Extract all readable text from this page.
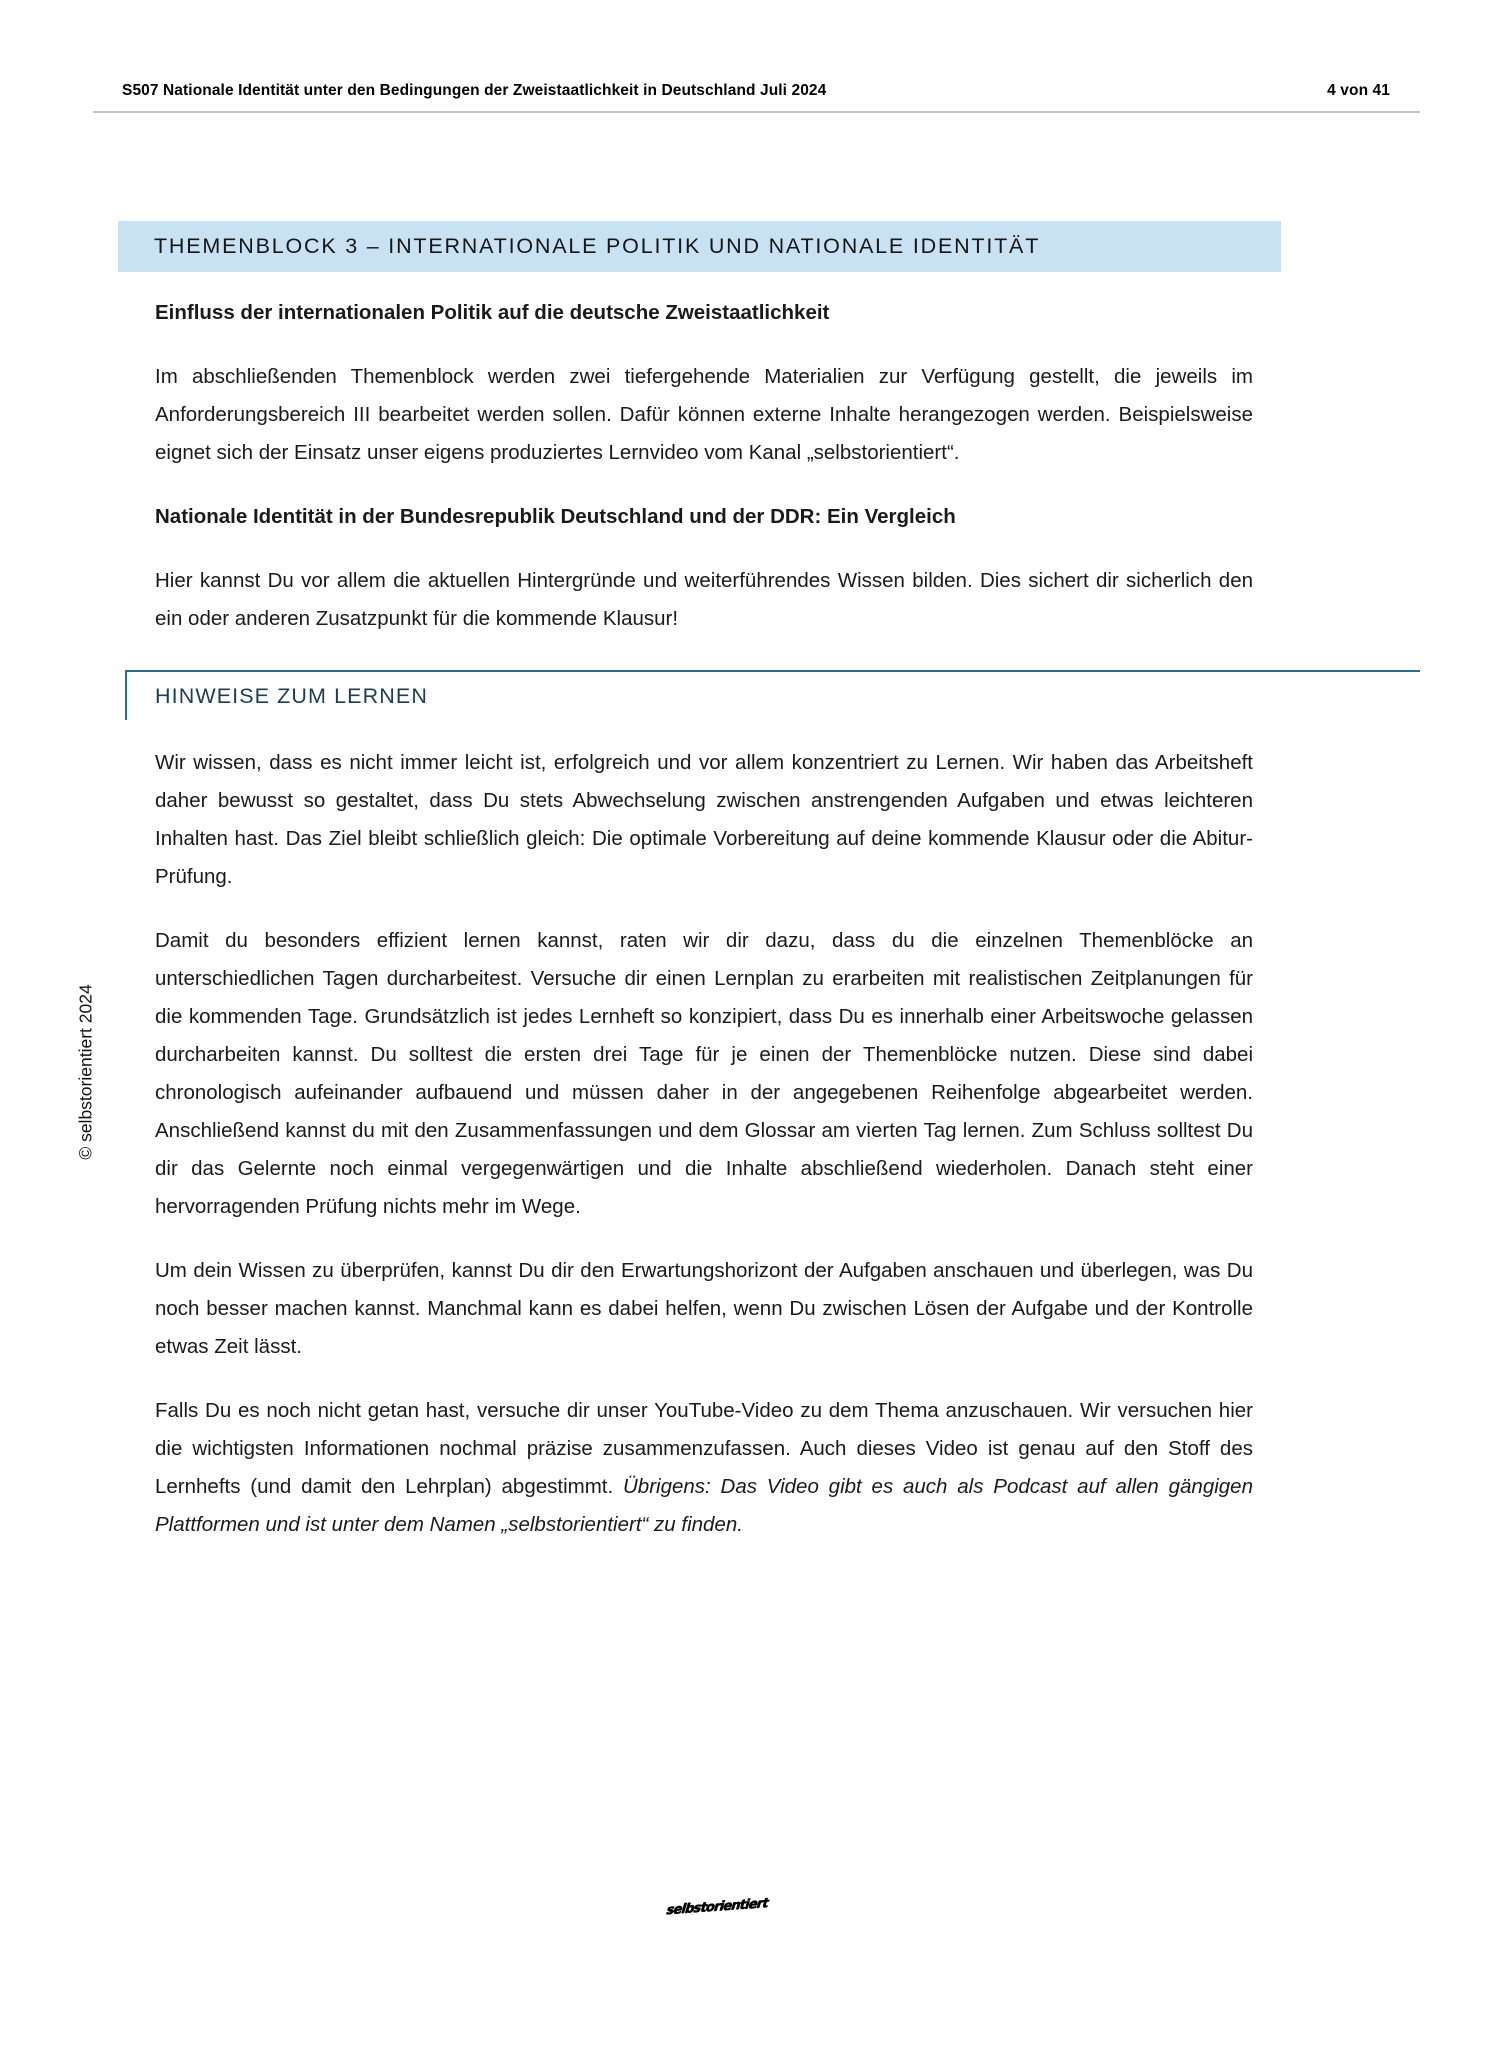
S507 Nationale Identität unter den Bedingungen der Zweistaatlichkeit in Deutschland Juli 2024	4 von 41
THEMENBLOCK 3 – INTERNATIONALE POLITIK UND NATIONALE IDENTITÄT
Einfluss der internationalen Politik auf die deutsche Zweistaatlichkeit

Im abschließenden Themenblock werden zwei tiefergehende Materialien zur Verfügung gestellt, die jeweils im Anforderungsbereich III bearbeitet werden sollen. Dafür können externe Inhalte herangezogen werden. Beispielsweise eignet sich der Einsatz unser eigens produziertes Lernvideo vom Kanal „selbstorientiert“.

Nationale Identität in der Bundesrepublik Deutschland und der DDR: Ein Vergleich

Hier kannst Du vor allem die aktuellen Hintergründe und weiterführendes Wissen bilden. Dies sichert dir sicherlich den ein oder anderen Zusatzpunkt für die kommende Klausur!

HINWEISE ZUM LERNEN

Wir wissen, dass es nicht immer leicht ist, erfolgreich und vor allem konzentriert zu Lernen. Wir haben das Arbeitsheft daher bewusst so gestaltet, dass Du stets Abwechselung zwischen anstrengenden Aufgaben und etwas leichteren Inhalten hast. Das Ziel bleibt schließlich gleich: Die optimale Vorbereitung auf deine kommende Klausur oder die Abitur-Prüfung.

Damit du besonders effizient lernen kannst, raten wir dir dazu, dass du die einzelnen Themenblöcke an unterschiedlichen Tagen durcharbeitest. Versuche dir einen Lernplan zu erarbeiten mit realistischen Zeitplanungen für die kommenden Tage. Grundsätzlich ist jedes Lernheft so konzipiert, dass Du es innerhalb einer Arbeitswoche gelassen durcharbeiten kannst. Du solltest die ersten drei Tage für je einen der Themenblöcke nutzen. Diese sind dabei chronologisch aufeinander aufbauend und müssen daher in der angegebenen Reihenfolge abgearbeitet werden. Anschließend kannst du mit den Zusammenfassungen und dem Glossar am vierten Tag lernen. Zum Schluss solltest Du dir das Gelernte noch einmal vergegenwärtigen und die Inhalte abschließend wiederholen. Danach steht einer hervorragenden Prüfung nichts mehr im Wege.

Um dein Wissen zu überprüfen, kannst Du dir den Erwartungshorizont der Aufgaben anschauen und überlegen, was Du noch besser machen kannst. Manchmal kann es dabei helfen, wenn Du zwischen Lösen der Aufgabe und der Kontrolle etwas Zeit lässt.

Falls Du es noch nicht getan hast, versuche dir unser YouTube-Video zu dem Thema anzuschauen. Wir versuchen hier die wichtigsten Informationen nochmal präzise zusammenzufassen. Auch dieses Video ist genau auf den Stoff des Lernhefts (und damit den Lehrplan) abgestimmt. Übrigens: Das Video gibt es auch als Podcast auf allen gängigen Plattformen und ist unter dem Namen „selbstorientiert“ zu finden.

© selbstorientiert 2024
selbstorientiert
